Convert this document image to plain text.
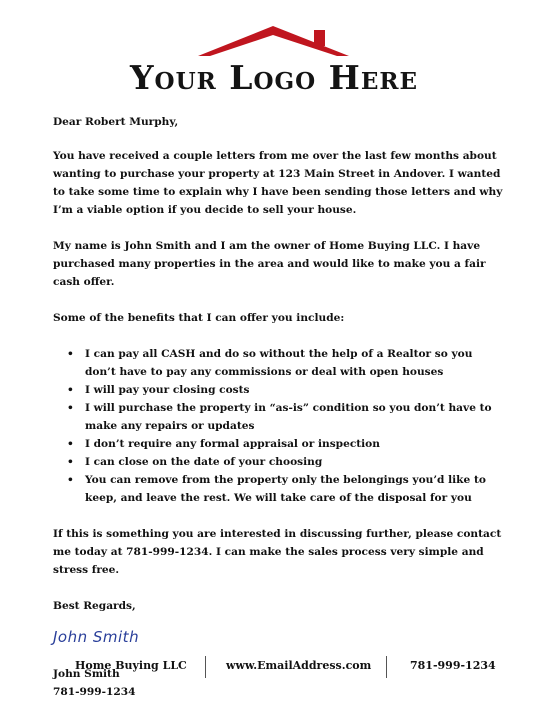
Your Logo Here

Dear Robert Murphy,

You have received a couple letters from me over the last few months about wanting to purchase your property at 123 Main Street in Andover. I wanted to take some time to explain why I have been sending those letters and why I’m a viable option if you decide to sell your house.

My name is John Smith and I am the owner of Home Buying LLC. I have purchased many properties in the area and would like to make you a fair cash offer.

Some of the benefits that I can offer you include:

• I can pay all CASH and do so without the help of a Realtor so you don’t have to pay any commissions or deal with open houses
• I will pay your closing costs
• I will purchase the property in “as-is” condition so you don’t have to make any repairs or updates
• I don’t require any formal appraisal or inspection
• I can close on the date of your choosing
• You can remove from the property only the belongings you’d like to keep, and leave the rest. We will take care of the disposal for you

If this is something you are interested in discussing further, please contact me today at 781-999-1234. I can make the sales process very simple and stress free.

Best Regards,

John Smith

John Smith

781-999-1234

Home Buying LLC	www.EmailAddress.com	781-999-1234
